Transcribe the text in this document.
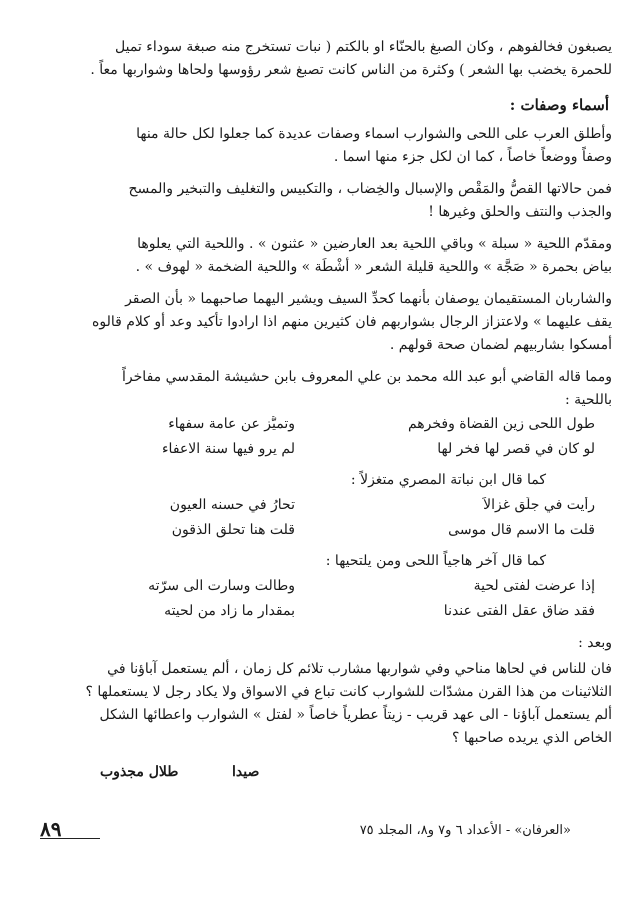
يصبغون فخالفوهم ، وكان الصبغ بالحنّاء او بالكتم ( نبات تستخرج منه صبغة سوداء تميل
للحمرة يخضب بها الشعر ) وكثرة من الناس كانت تصبغ شعر رؤوسها ولحاها وشواربها معاً .
أسماء وصفات :
وأطلق العرب على اللحى والشوارب اسماء وصفات عديدة كما جعلوا لكل حالة منها
وصفاً ووضعاً خاصاً ، كما ان لكل جزء منها اسما .
فمن حالاتها القصُّ والمَقْص والإسبال والخِضاب ، والتكبيس والتغليف والتبخير والمسح
والجذب والنتف والحلق وغيرها !
ومقدّم اللحية « سبلة » وباقي اللحية بعد العارضين « عثنون » . واللحية التي يعلوها
بياض بحمرة « صَجَّة » واللحية قليلة الشعر « أشْطَة » واللحية الضخمة « لهوف » .
والشاربان المستقيمان يوصفان بأنهما كحدِّ السيف ويشير اليهما صاحبهما « بأن الصقر
يقف عليهما » ولاعتزاز الرجال بشواربهم فان كثيرين منهم اذا ارادوا تأكيد وعد أو كلام قالوه
أمسكوا بشاربيهم لضمان صحة قولهم .
ومما قاله القاضي أبو عبد الله محمد بن علي المعروف بابن حشيشة المقدسي مفاخراً
باللحية :
طول اللحى زين القضاة وفخرهم
وتميُّز عن عامة سفهاء
لو كان في قصر لها فخر لها
لم يرو فيها سنة الاعفاء
كما قال ابن نباتة المصري متغزلاً :
رأيت في جلِّق غزالاً
تحارُ في حسنه العيون
قلت ما الاسم قال موسى
قلت هنا تحلق الذقون
كما قال آخر هاجياً اللحى ومن يلتحيها :
إذا عرضت لفتى لحية
وطالت وسارت الى سرّته
فقد ضاق عقل الفتى عندنا
بمقدار ما زاد من لحيته
وبعد :
فان للناس في لحاها مناحي وفي شواربها مشارب تلائم كل زمان ، ألم يستعمل آباؤنا في
الثلاثينات من هذا القرن مشدّات للشوارب كانت تباع في الاسواق ولا يكاد رجل لا يستعملها ؟
ألم يستعمل آباؤنا - الى عهد قريب - زيتاً عطرياً خاصاً « لفتل » الشوارب واعطائها الشكل
الخاص الذي يريده صاحبها ؟
صيدا
طلال مجذوب
٨٩	«العرفان» - الأعداد ٦ و٧ و٨، المجلد ٧٥
